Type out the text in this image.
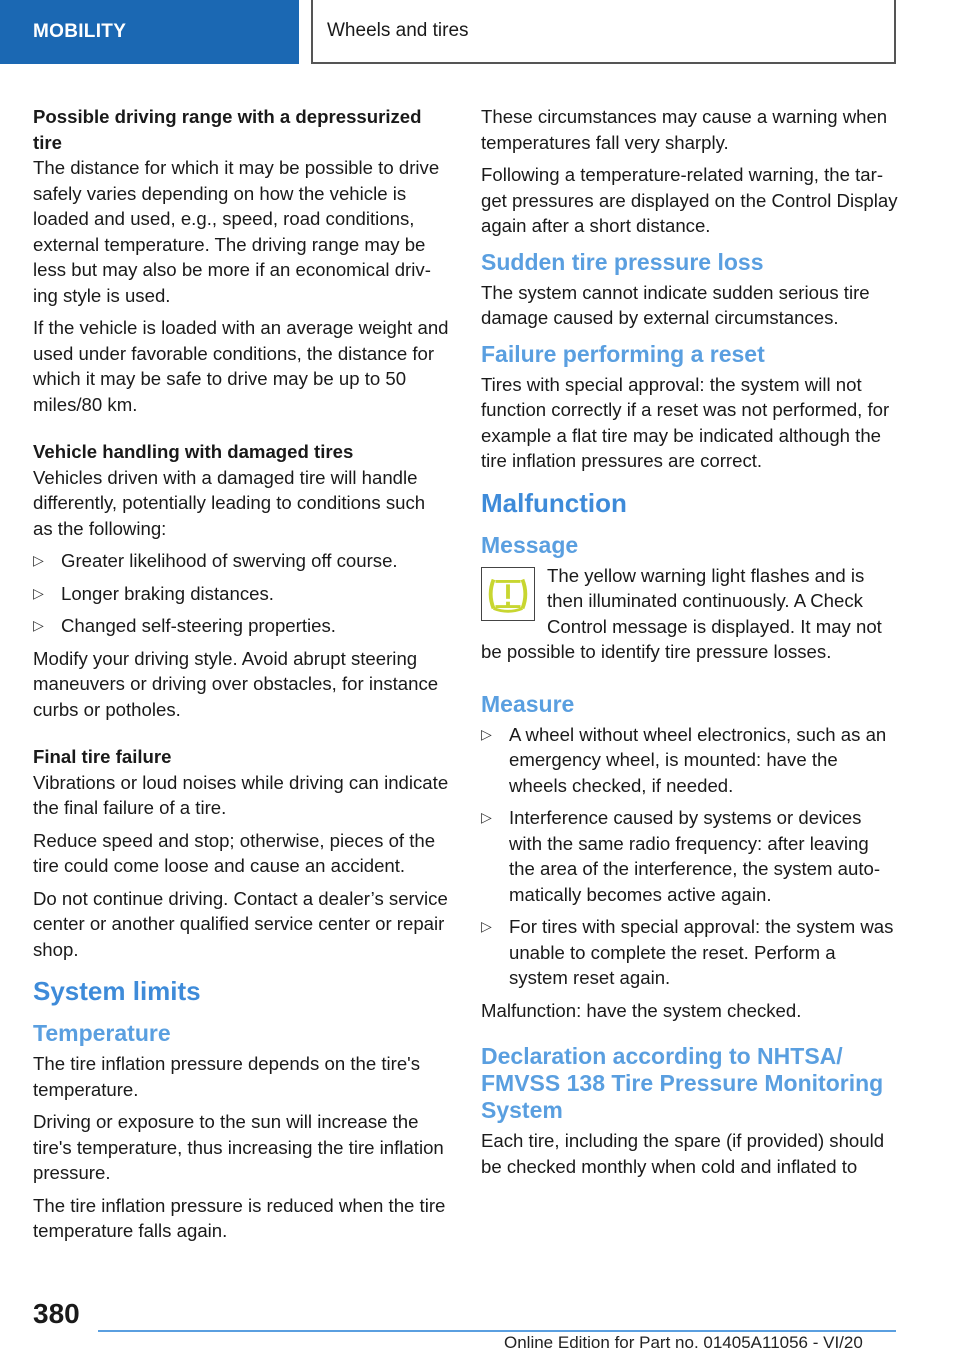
MOBILITY	Wheels and tires

Possible driving range with a depressurized tire

The distance for which it may be possible to drive safely varies depending on how the vehicle is loaded and used, e.g., speed, road conditions, external temperature. The driving range may be less but may also be more if an economical driving style is used.

If the vehicle is loaded with an average weight and used under favorable conditions, the distance for which it may be safe to drive may be up to 50 miles/80 km.

Vehicle handling with damaged tires

Vehicles driven with a damaged tire will handle differently, potentially leading to conditions such as the following:

▷ Greater likelihood of swerving off course.
▷ Longer braking distances.
▷ Changed self-steering properties.

Modify your driving style. Avoid abrupt steering maneuvers or driving over obstacles, for instance curbs or potholes.

Final tire failure

Vibrations or loud noises while driving can indicate the final failure of a tire.

Reduce speed and stop; otherwise, pieces of the tire could come loose and cause an accident.

Do not continue driving. Contact a dealer’s service center or another qualified service center or repair shop.

System limits
Temperature

The tire inflation pressure depends on the tire's temperature.

Driving or exposure to the sun will increase the tire's temperature, thus increasing the tire inflation pressure.

The tire inflation pressure is reduced when the tire temperature falls again.

These circumstances may cause a warning when temperatures fall very sharply.

Following a temperature-related warning, the target pressures are displayed on the Control Display again after a short distance.

Sudden tire pressure loss

The system cannot indicate sudden serious tire damage caused by external circumstances.

Failure performing a reset

Tires with special approval: the system will not function correctly if a reset was not performed, for example a flat tire may be indicated although the tire inflation pressures are correct.

Malfunction
Message

The yellow warning light flashes and is then illuminated continuously. A Check Control message is displayed. It may not be possible to identify tire pressure losses.

Measure
▷ A wheel without wheel electronics, such as an emergency wheel, is mounted: have the wheels checked, if needed.
▷ Interference caused by systems or devices with the same radio frequency: after leaving the area of the interference, the system automatically becomes active again.
▷ For tires with special approval: the system was unable to complete the reset. Perform a system reset again.

Malfunction: have the system checked.

Declaration according to NHTSA/ FMVSS 138 Tire Pressure Monitoring System

Each tire, including the spare (if provided) should be checked monthly when cold and inflated to

380
Online Edition for Part no. 01405A11056 - VI/20
